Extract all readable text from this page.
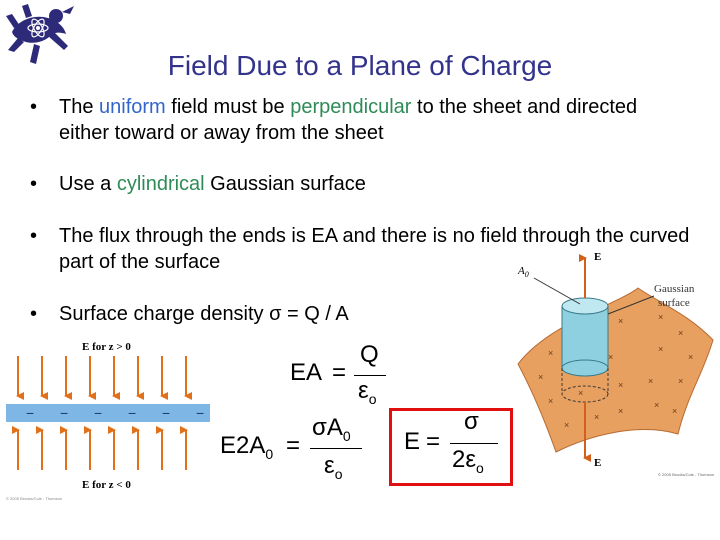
Field Due to a Plane of Charge
• The uniform field must be perpendicular to the sheet and directed either toward or away from the sheet
• Use a cylindrical Gaussian surface
• The flux through the ends is EA and there is no field through the curved part of the surface
• Surface charge density σ = Q / A
E for z > 0
− − − − − −
E for z < 0
© 2005 Brooks/Cole - Thomson
×
×	×
×
×
×
×
×
×
×
×	×	×
×
×
×
×
×
E
E
$A_0$
Gaussian
surface
© 2005 Brooks/Cole - Thomson
EA =
Q
$\varepsilon_o$
$E2A_0$ =
$\sigma A_0$
$\varepsilon_o$
E =
σ
$2\varepsilon_o$
